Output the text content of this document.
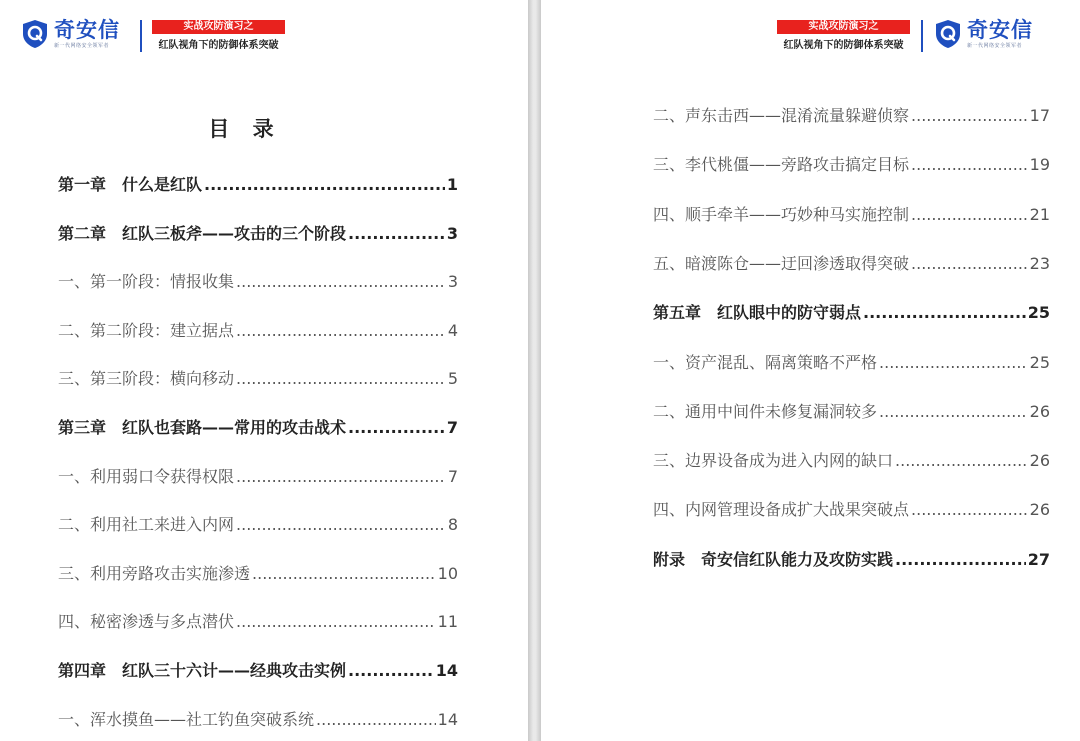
奇安信
新一代网络安全领军者
实战攻防演习之
红队视角下的防御体系突破
目 录
第一章　什么是红队 .....	1
第二章　红队三板斧——攻击的三个阶段 .....	3
一、第一阶段：情报收集 .....	3
二、第二阶段：建立据点 .....	4
三、第三阶段：横向移动 .....	5
第三章　红队也套路——常用的攻击战术 .....	7
一、利用弱口令获得权限 .....	7
二、利用社工来进入内网 .....	8
三、利用旁路攻击实施渗透 .....	10
四、秘密渗透与多点潜伏 .....	11
第四章　红队三十六计——经典攻击实例 .....	14
一、浑水摸鱼——社工钓鱼突破系统 .....	14
实战攻防演习之
红队视角下的防御体系突破
奇安信
新一代网络安全领军者
二、声东击西——混淆流量躲避侦察 .....	17
三、李代桃僵——旁路攻击搞定目标 .....	19
四、顺手牵羊——巧妙种马实施控制 .....	21
五、暗渡陈仓——迂回渗透取得突破 .....	23
第五章　红队眼中的防守弱点 .....	25
一、资产混乱、隔离策略不严格 .....	25
二、通用中间件未修复漏洞较多 .....	26
三、边界设备成为进入内网的缺口 .....	26
四、内网管理设备成扩大战果突破点 .....	26
附录　奇安信红队能力及攻防实践 .....	27
